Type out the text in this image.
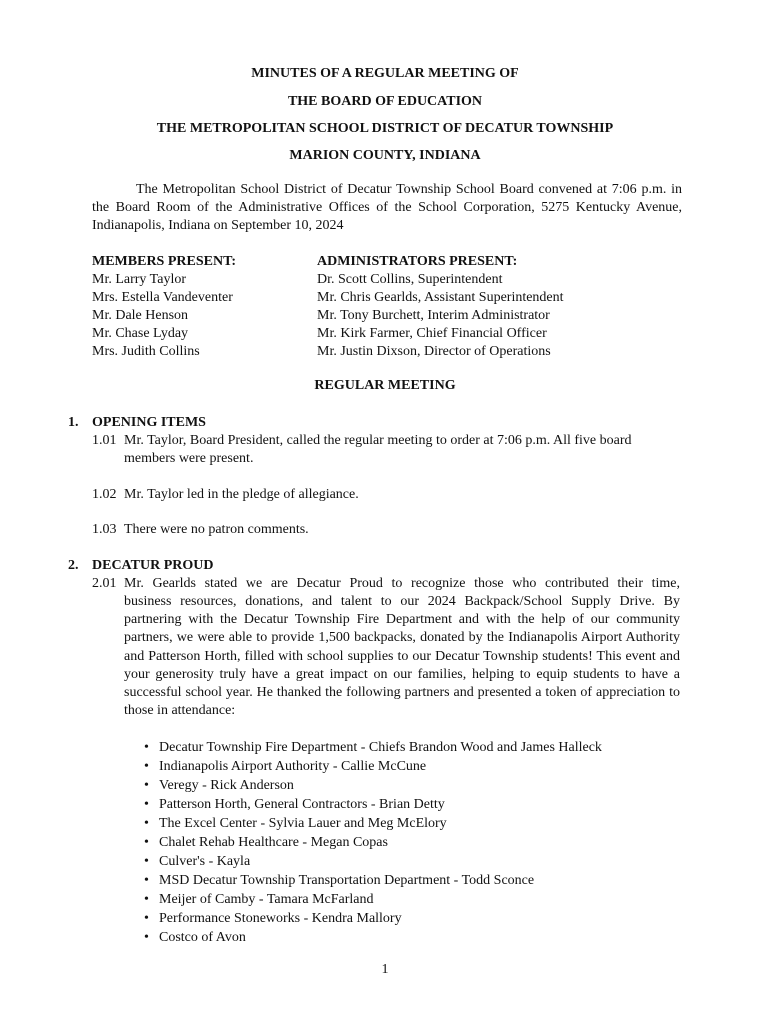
MINUTES OF A REGULAR MEETING OF
THE BOARD OF EDUCATION
THE METROPOLITAN SCHOOL DISTRICT OF DECATUR TOWNSHIP
MARION COUNTY, INDIANA
The Metropolitan School District of Decatur Township School Board convened at 7:06 p.m. in the Board Room of the Administrative Offices of the School Corporation, 5275 Kentucky Avenue, Indianapolis, Indiana on September 10, 2024
MEMBERS PRESENT:
Mr. Larry Taylor
Mrs. Estella Vandeventer
Mr. Dale Henson
Mr. Chase Lyday
Mrs. Judith Collins
ADMINISTRATORS PRESENT:
Dr. Scott Collins, Superintendent
Mr. Chris Gearlds, Assistant Superintendent
Mr. Tony Burchett, Interim Administrator
Mr. Kirk Farmer, Chief Financial Officer
Mr. Justin Dixson, Director of Operations
REGULAR MEETING
1. OPENING ITEMS
1.01 Mr. Taylor, Board President, called the regular meeting to order at 7:06 p.m. All five board
members were present.
1.02 Mr. Taylor led in the pledge of allegiance.
1.03 There were no patron comments.
2. DECATUR PROUD
2.01 Mr. Gearlds stated we are Decatur Proud to recognize those who contributed their time,
business resources, donations, and talent to our 2024 Backpack/School Supply Drive. By partnering with the Decatur Township Fire Department and with the help of our community partners, we were able to provide 1,500 backpacks, donated by the Indianapolis Airport Authority and Patterson Horth, filled with school supplies to our Decatur Township students! This event and your generosity truly have a great impact on our families, helping to equip students to have a successful school year. He thanked the following partners and presented a token of appreciation to those in attendance:
• Decatur Township Fire Department - Chiefs Brandon Wood and James Halleck
• Indianapolis Airport Authority - Callie McCune
• Veregy - Rick Anderson
• Patterson Horth, General Contractors - Brian Detty
• The Excel Center - Sylvia Lauer and Meg McElory
• Chalet Rehab Healthcare - Megan Copas
• Culver's - Kayla
• MSD Decatur Township Transportation Department - Todd Sconce
• Meijer of Camby - Tamara McFarland
• Performance Stoneworks - Kendra Mallory
• Costco of Avon
1
